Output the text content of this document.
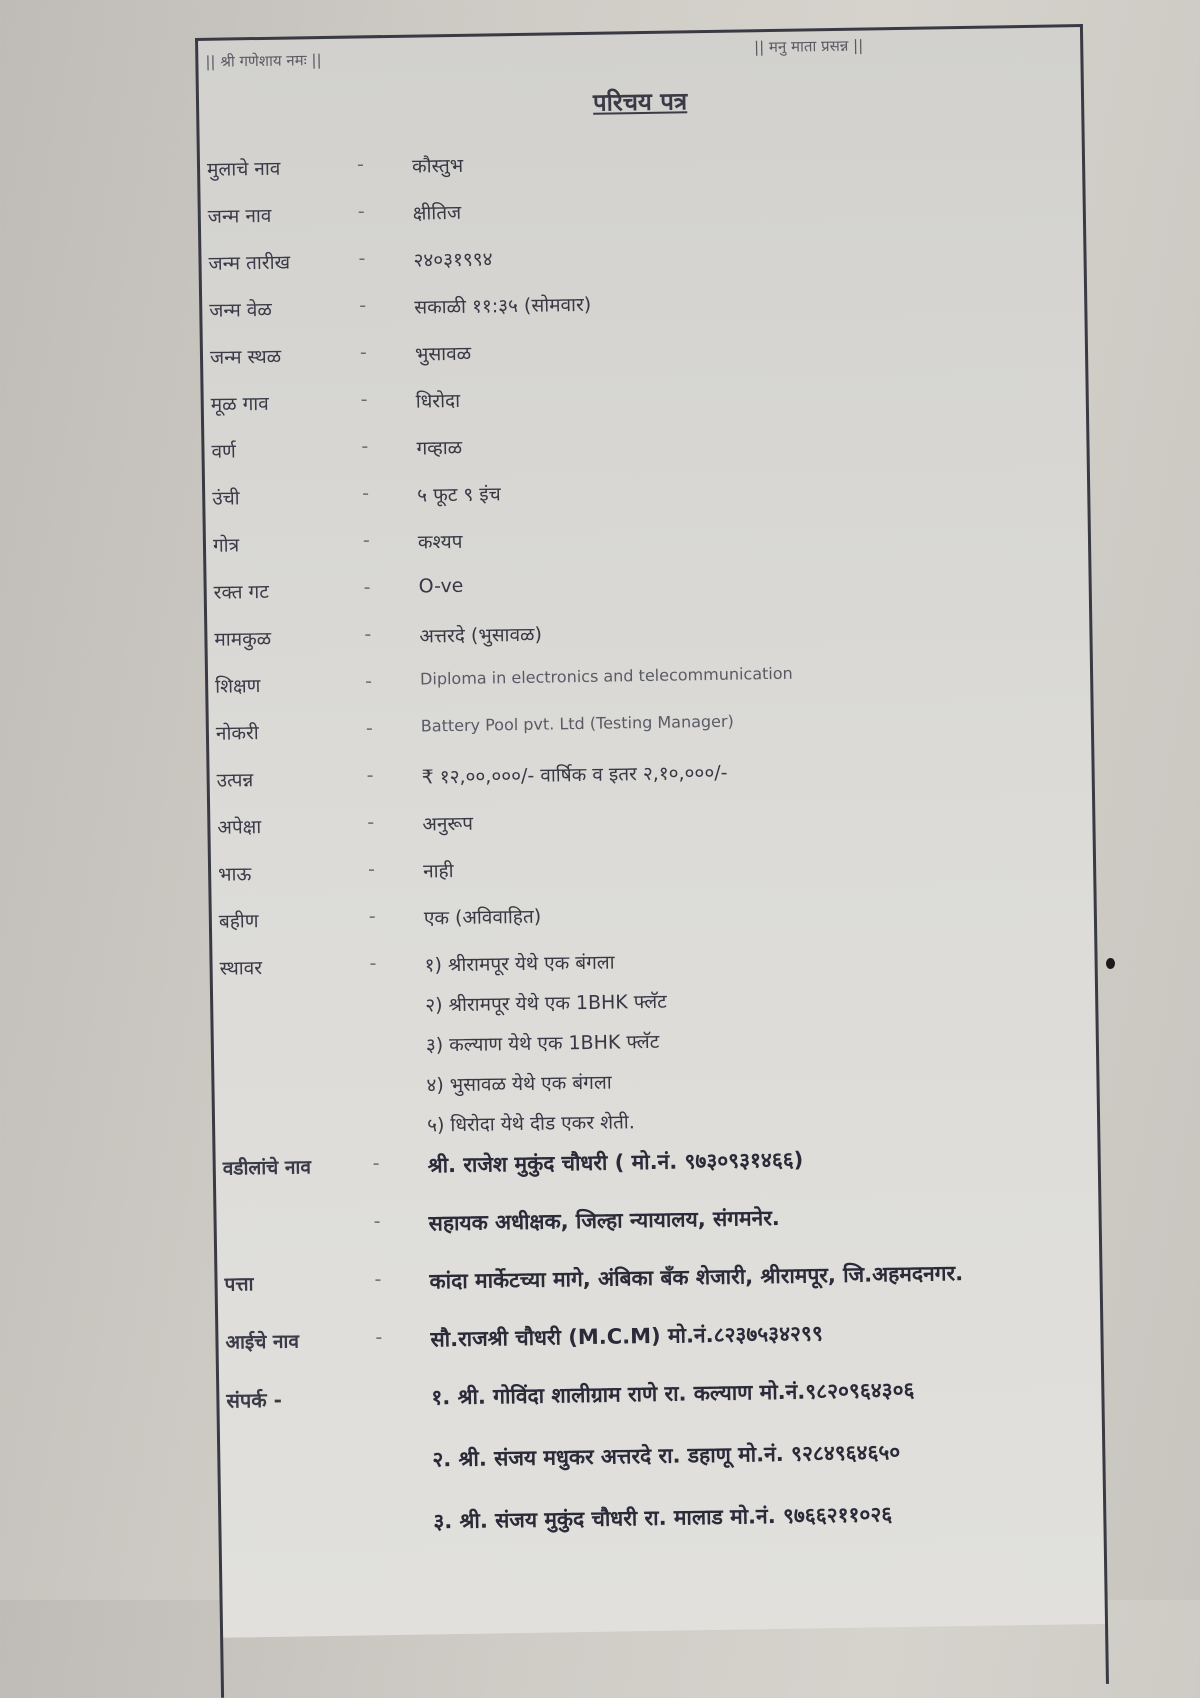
|| श्री गणेशाय नमः ||
|| मनु माता प्रसन्न ||
परिचय पत्र
मुलाचे नाव	-	कौस्तुभ
जन्म नाव	-	क्षीतिज
जन्म तारीख	-	२४०३१९९४
जन्म वेळ	-	सकाळी ११:३५ (सोमवार)
जन्म स्थळ	-	भुसावळ
मूळ गाव	-	धिरोदा
वर्ण	-	गव्हाळ
उंची	-	५ फूट ९ इंच
गोत्र	-	कश्यप
रक्त गट	-	O-ve
मामकुळ	-	अत्तरदे (भुसावळ)
शिक्षण	-	Diploma in electronics and telecommunication
नोकरी	-	Battery Pool pvt. Ltd (Testing Manager)
उत्पन्न	-	₹ १२,००,०००/- वार्षिक व इतर २,१०,०००/-
अपेक्षा	-	अनुरूप
भाऊ	-	नाही
बहीण	-	एक (अविवाहित)
स्थावर	-	१) श्रीरामपूर येथे एक बंगला
२) श्रीरामपूर येथे एक 1BHK फ्लॅट
३) कल्याण येथे एक 1BHK फ्लॅट
४) भुसावळ येथे एक बंगला
५) धिरोदा येथे दीड एकर शेती.
वडीलांचे नाव	- श्री. राजेश मुकुंद चौधरी ( मो.नं. ९७३०९३१४६६)
- सहायक अधीक्षक, जिल्हा न्यायालय, संगमनेर.
पत्ता	- कांदा मार्केटच्या मागे, अंबिका बँक शेजारी, श्रीरामपूर, जि.अहमदनगर.
आईचे नाव	- सौ.राजश्री चौधरी (M.C.M) मो.नं.८२३७५३४२९९
संपर्क -	१. श्री. गोविंदा शालीग्राम राणे रा. कल्याण मो.नं.९८२०९६४३०६
२. श्री. संजय मधुकर अत्तरदे रा. डहाणू मो.नं. ९२८४९६४६५०
३. श्री. संजय मुकुंद चौधरी रा. मालाड मो.नं. ९७६६२११०२६
